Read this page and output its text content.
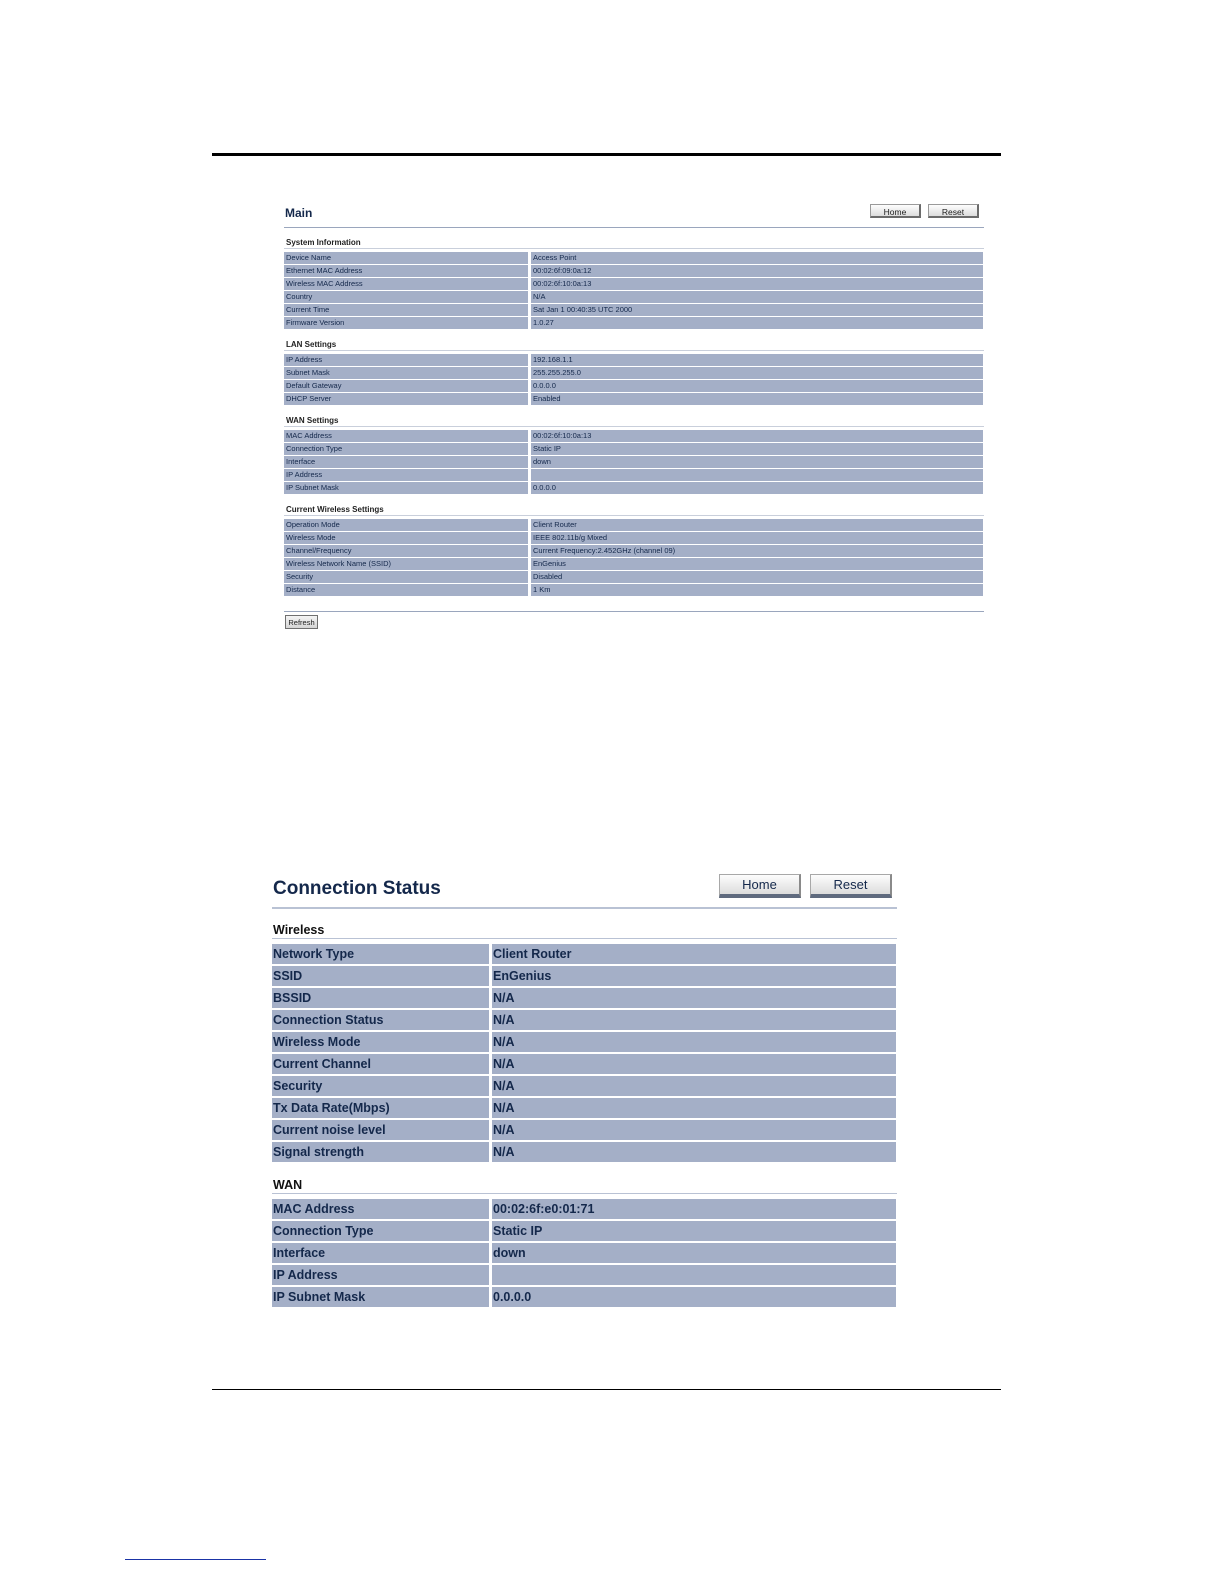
Main	Home	Reset
System Information
Device Name	Access Point
Ethernet MAC Address	00:02:6f:09:0a:12
Wireless MAC Address	00:02:6f:10:0a:13
Country	N/A
Current Time	Sat Jan 1 00:40:35 UTC 2000
Firmware Version	1.0.27
LAN Settings
IP Address	192.168.1.1
Subnet Mask	255.255.255.0
Default Gateway	0.0.0.0
DHCP Server	Enabled
WAN Settings
MAC Address	00:02:6f:10:0a:13
Connection Type	Static IP
Interface	down
IP Address	
IP Subnet Mask	0.0.0.0
Current Wireless Settings
Operation Mode	Client Router
Wireless Mode	IEEE 802.11b/g Mixed
Channel/Frequency	Current Frequency:2.452GHz (channel 09)
Wireless Network Name (SSID)	EnGenius
Security	Disabled
Distance	1 Km
Refresh
Connection Status	Home	Reset
Wireless
Network Type	Client Router
SSID	EnGenius
BSSID	N/A
Connection Status	N/A
Wireless Mode	N/A
Current Channel	N/A
Security	N/A
Tx Data Rate(Mbps)	N/A
Current noise level	N/A
Signal strength	N/A
WAN
MAC Address	00:02:6f:e0:01:71
Connection Type	Static IP
Interface	down
IP Address	
IP Subnet Mask	0.0.0.0
